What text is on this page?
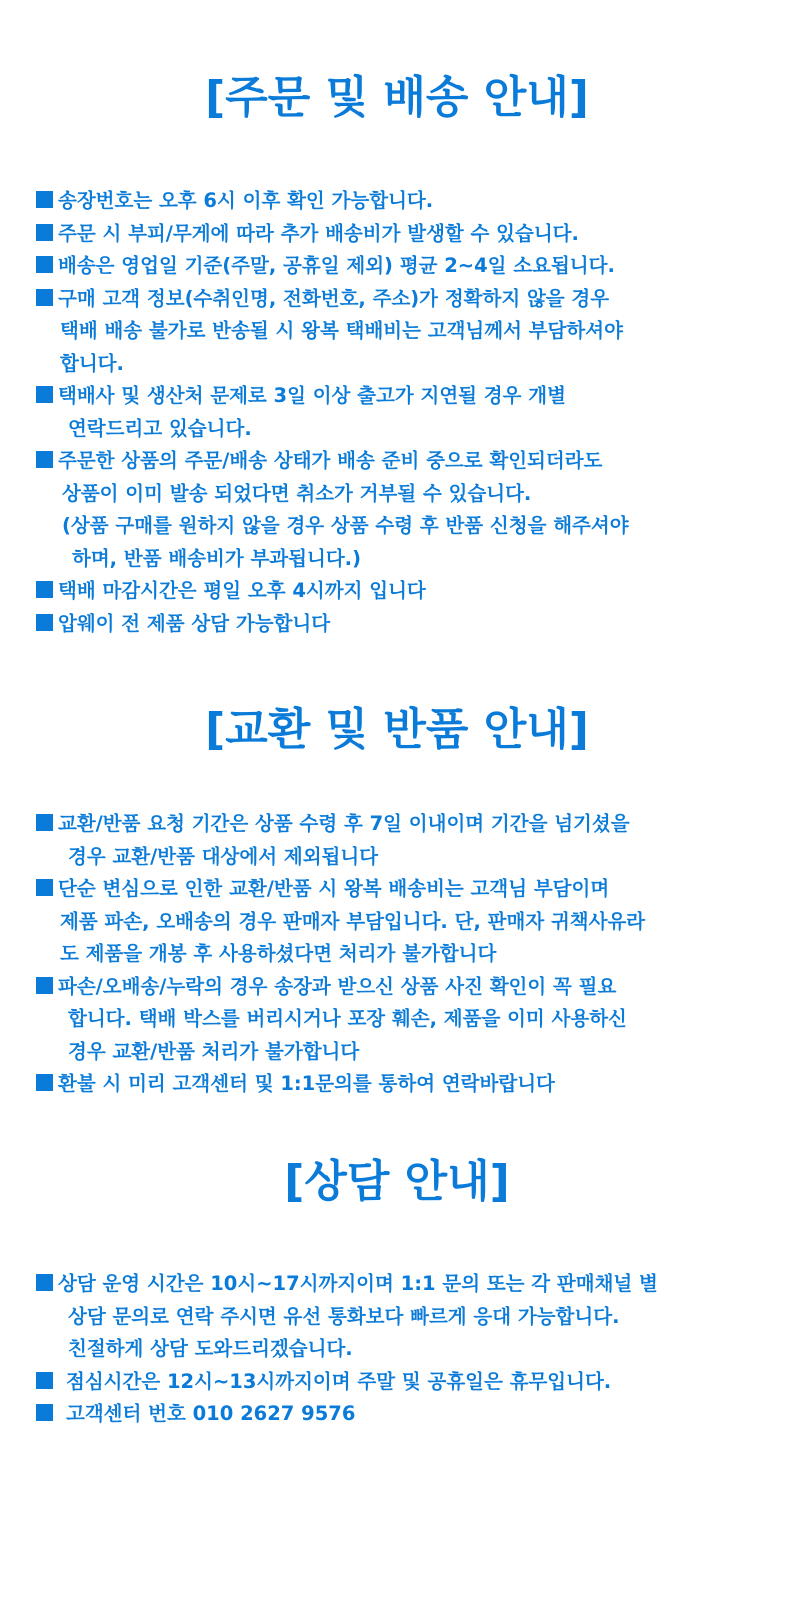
[주문 및 배송 안내]
송장번호는 오후 6시 이후 확인 가능합니다.
주문 시 부피/무게에 따라 추가 배송비가 발생할 수 있습니다.
배송은 영업일 기준(주말, 공휴일 제외) 평균 2~4일 소요됩니다.
구매 고객 정보(수취인명, 전화번호, 주소)가 정확하지 않을 경우
택배 배송 불가로 반송될 시 왕복 택배비는 고객님께서 부담하셔야
합니다.
택배사 및 생산처 문제로 3일 이상 출고가 지연될 경우 개별
연락드리고 있습니다.
주문한 상품의 주문/배송 상태가 배송 준비 중으로 확인되더라도
상품이 이미 발송 되었다면 취소가 거부될 수 있습니다.
(상품 구매를 원하지 않을 경우 상품 수령 후 반품 신청을 해주셔야
하며, 반품 배송비가 부과됩니다.)
택배 마감시간은 평일 오후 4시까지 입니다
압웨이 전 제품 상담 가능합니다
[교환 및 반품 안내]
교환/반품 요청 기간은 상품 수령 후 7일 이내이며 기간을 넘기셨을
경우 교환/반품 대상에서 제외됩니다
단순 변심으로 인한 교환/반품 시 왕복 배송비는 고객님 부담이며
제품 파손, 오배송의 경우 판매자 부담입니다. 단, 판매자 귀책사유라
도 제품을 개봉 후 사용하셨다면 처리가 불가합니다
파손/오배송/누락의 경우 송장과 받으신 상품 사진 확인이 꼭 필요
합니다. 택배 박스를 버리시거나 포장 훼손, 제품을 이미 사용하신
경우 교환/반품 처리가 불가합니다
환불 시 미리 고객센터 및 1:1문의를 통하여 연락바랍니다
[상담 안내]
상담 운영 시간은 10시~17시까지이며 1:1 문의 또는 각 판매채널 별
상담 문의로 연락 주시면 유선 통화보다 빠르게 응대 가능합니다.
친절하게 상담 도와드리겠습니다.
점심시간은 12시~13시까지이며 주말 및 공휴일은 휴무입니다.
고객센터 번호 010 2627 9576
